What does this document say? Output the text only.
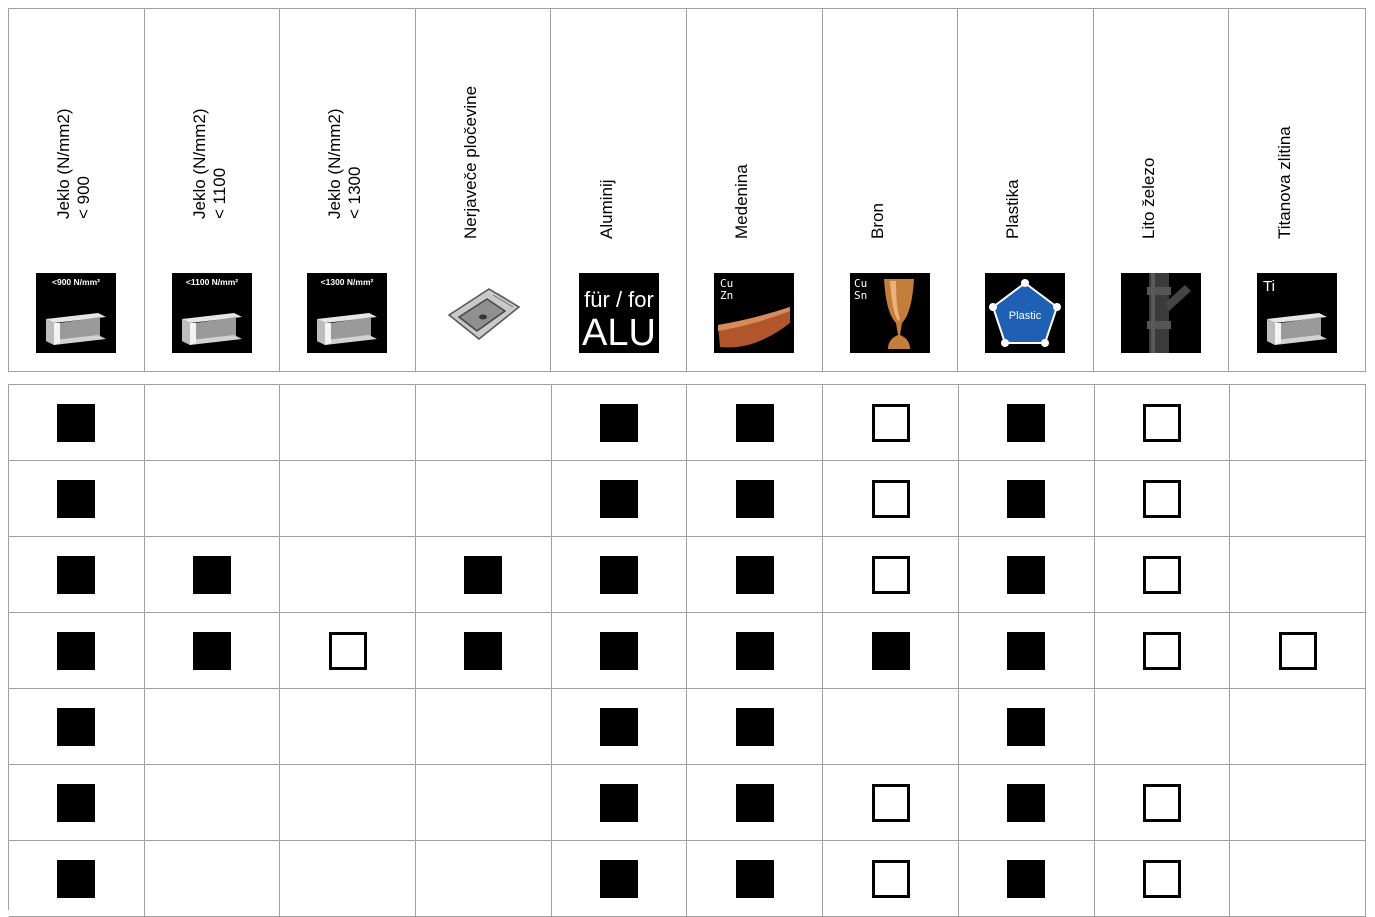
Jeklo (N/mm2) < 900
<900 N/mm²
Jeklo (N/mm2) < 1100
<1100 N/mm²
Jeklo (N/mm2) < 1300
<1300 N/mm²
Nerjaveče pločevine	Aluminij
für / for
ALU
Medenina
Cu
Zn
Bron
Cu
Sn
Plastika
Plastic
Lito železo	Titanova zlitina
Ti
